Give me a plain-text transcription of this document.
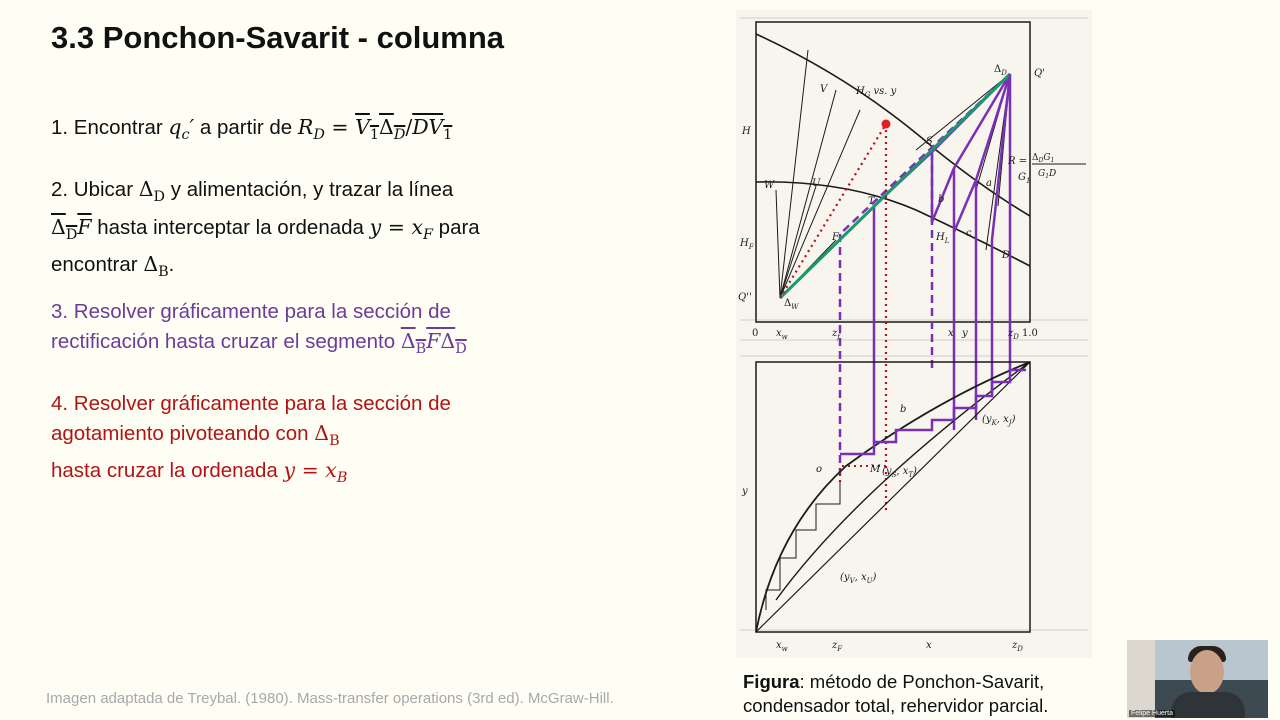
3.3 Ponchon-Savarit - columna
1. Encontrar $q_c'$ a partir de $R_D = V_1\Delta_D/DV_1$
2. Ubicar $\Delta_D$ y alimentación, y trazar la línea
$\Delta_DF$ hasta interceptar la ordenada $y = x_F$ para
encontrar $\Delta_B$.
3. Resolver gráficamente para la sección de
rectificación hasta cruzar el segmento $\Delta_BF\Delta_D$
4. Resolver gráficamente para la sección de
agotamiento pivoteando con $\Delta_B$
hasta cruzar la ordenada $y = x_B$
Imagen adaptada de Treybal. (1980). Mass-transfer operations (3rd ed). McGraw-Hill.
H
$H_F$
Q''
Q'
$H_G$ vs. y
$H_L$
V
W	U
T
S
F
a
b
c
D
$G_1$
$\Delta_D$
$\Delta_W$
$R = \Delta_DG_1$
$G_1D$
0 $x_w$	$z_f$	x y	$z_D$ 1.0
y
M ($y_S$, $x_T$)
($y_K$, $x_J$)
($y_V$, $x_U$)
b
o
$x_w$	$z_F$	x	$z_D$
Figura: método de Ponchon-Savarit, condensador total, rehervidor parcial.	Felipe Huerta
